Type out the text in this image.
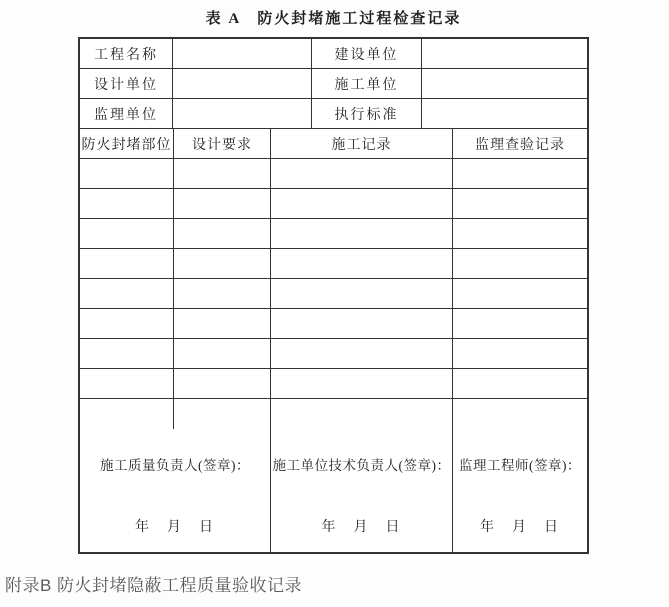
表 A　防火封堵施工过程检查记录
工程名称	建设单位
设计单位	施工单位
监理单位	执行标准
防火封堵部位	设计要求	施工记录	监理查验记录
施工质量负责人(签章)：
年　月　日
施工单位技术负责人(签章)：
年　月　日
监理工程师(签章)：
年　月　日
附录B 防火封堵隐蔽工程质量验收记录
